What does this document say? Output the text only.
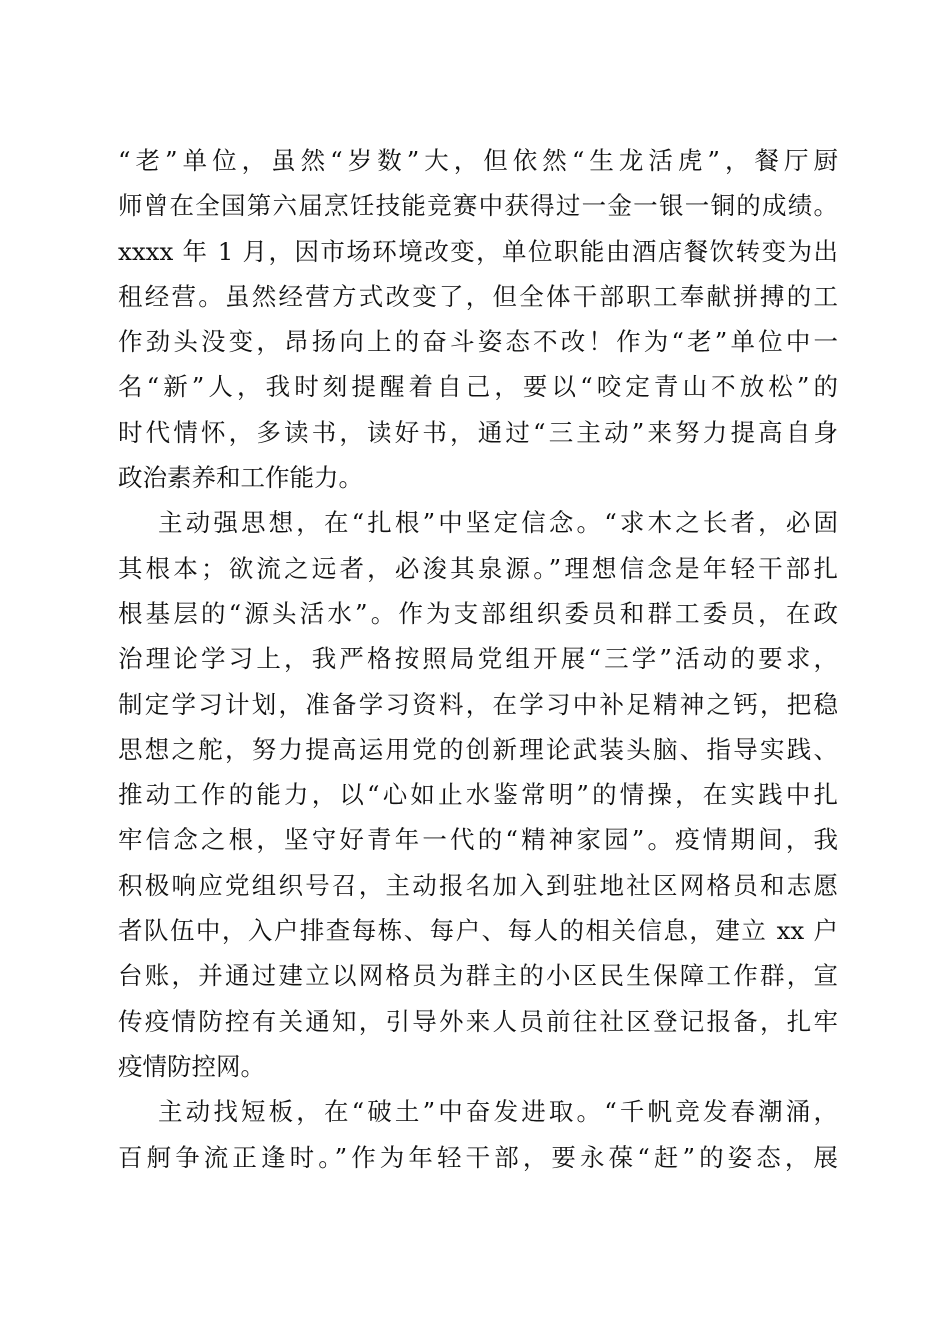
“老”单位，虽然“岁数”大，但依然“生龙活虎”，餐厅厨
师曾在全国第六届烹饪技能竞赛中获得过一金一银一铜的成绩。
xxxx 年 1 月，因市场环境改变，单位职能由酒店餐饮转变为出
租经营。虽然经营方式改变了，但全体干部职工奉献拼搏的工
作劲头没变，昂扬向上的奋斗姿态不改！作为“老”单位中一
名“新”人，我时刻提醒着自己，要以“咬定青山不放松”的
时代情怀，多读书，读好书，通过“三主动”来努力提高自身
政治素养和工作能力。
主动强思想，在“扎根”中坚定信念。“求木之长者，必固
其根本；欲流之远者，必浚其泉源。”理想信念是年轻干部扎
根基层的“源头活水”。作为支部组织委员和群工委员，在政
治理论学习上，我严格按照局党组开展“三学”活动的要求，
制定学习计划，准备学习资料，在学习中补足精神之钙，把稳
思想之舵，努力提高运用党的创新理论武装头脑、指导实践、
推动工作的能力，以“心如止水鉴常明”的情操，在实践中扎
牢信念之根，坚守好青年一代的“精神家园”。疫情期间，我
积极响应党组织号召，主动报名加入到驻地社区网格员和志愿
者队伍中，入户排查每栋、每户、每人的相关信息，建立 xx 户
台账，并通过建立以网格员为群主的小区民生保障工作群，宣
传疫情防控有关通知，引导外来人员前往社区登记报备，扎牢
疫情防控网。
主动找短板，在“破土”中奋发进取。“千帆竞发春潮涌，
百舸争流正逢时。”作为年轻干部，要永葆“赶”的姿态，展
